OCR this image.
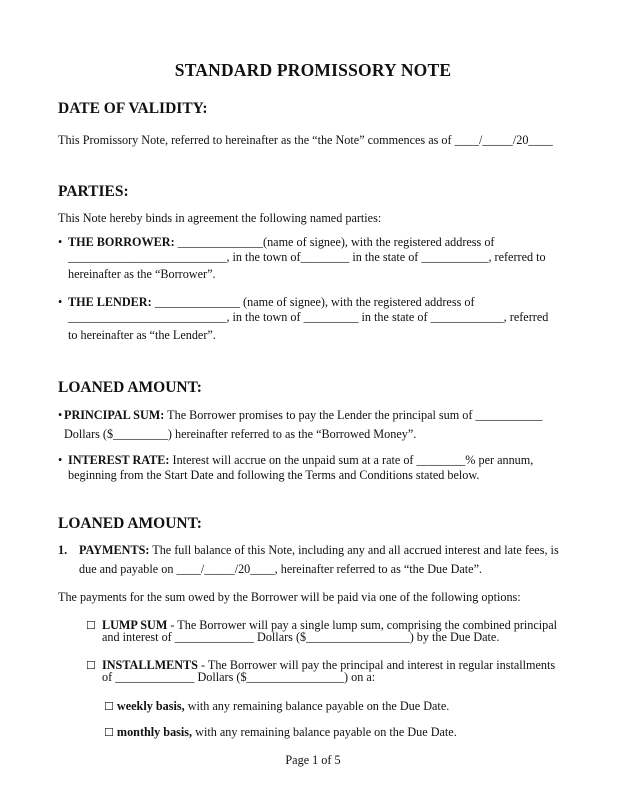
STANDARD PROMISSORY NOTE
DATE OF VALIDITY:
This Promissory Note, referred to hereinafter as the “the Note” commences as of ____/_____/20____
PARTIES:
This Note hereby binds in agreement the following named parties:
• THE BORROWER: ______________(name of signee), with the registered address of
__________________________, in the town of________ in the state of ___________, referred to
hereinafter as the “Borrower”.
• THE LENDER: ______________ (name of signee), with the registered address of
__________________________, in the town of _________ in the state of ____________, referred
to hereinafter as “the Lender”.
LOANED AMOUNT:
• PRINCIPAL SUM: The Borrower promises to pay the Lender the principal sum of ___________
Dollars ($_________) hereinafter referred to as the “Borrowed Money”.
• INTEREST RATE: Interest will accrue on the unpaid sum at a rate of ________% per annum,
beginning from the Start Date and following the Terms and Conditions stated below.
LOANED AMOUNT:
1. PAYMENTS: The full balance of this Note, including any and all accrued interest and late fees, is
due and payable on ____/_____/20____, hereinafter referred to as “the Due Date”.
The payments for the sum owed by the Borrower will be paid via one of the following options:
☐ LUMP SUM - The Borrower will pay a single lump sum, comprising the combined principal
and interest of _____________ Dollars ($_________________) by the Due Date.
☐ INSTALLMENTS - The Borrower will pay the principal and interest in regular installments
of _____________ Dollars ($________________) on a:
☐ weekly basis, with any remaining balance payable on the Due Date.
☐ monthly basis, with any remaining balance payable on the Due Date.
Page 1 of 5
